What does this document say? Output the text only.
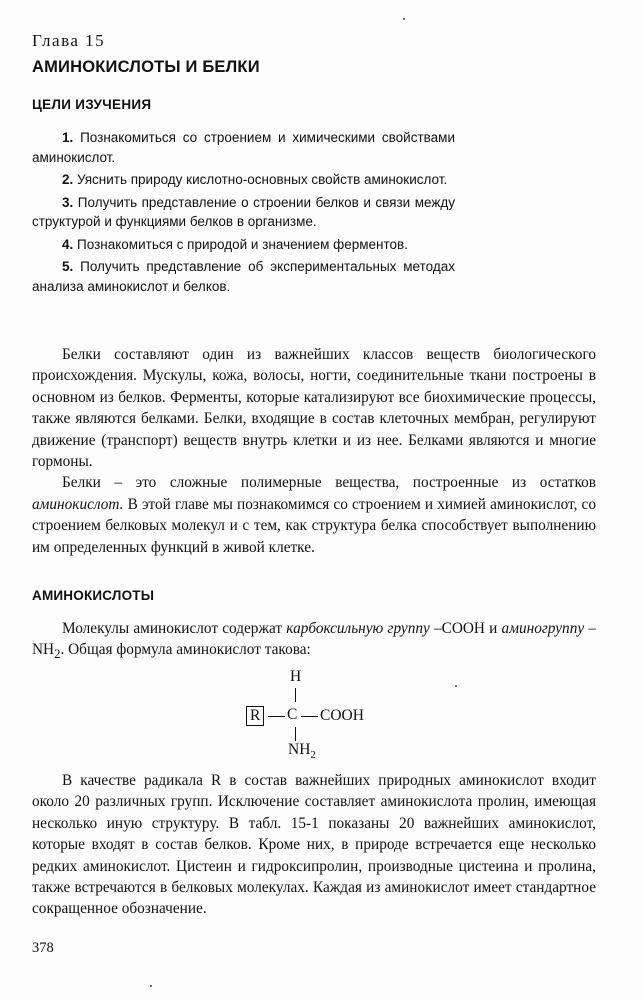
Глава 15
АМИНОКИСЛОТЫ И БЕЛКИ
ЦЕЛИ ИЗУЧЕНИЯ

1. Познакомиться со строением и химическими свойствами аминокислот.

2. Уяснить природу кислотно-основных свойств аминокислот.

3. Получить представление о строении белков и связи между структурой и функциями белков в организме.

4. Познакомиться с природой и значением ферментов.

5. Получить представление об экспериментальных методах анализа аминокислот и белков.

Белки составляют один из важнейших классов веществ биологического происхождения. Мускулы, кожа, волосы, ногти, соединительные ткани построены в основном из белков. Ферменты, которые катализируют все биохимические процессы, также являются белками. Белки, входящие в состав клеточных мембран, регулируют движение (транспорт) веществ внутрь клетки и из нее. Белками являются и многие гормоны.

Белки – это сложные полимерные вещества, построенные из остатков аминокислот. В этой главе мы познакомимся со строением и химией аминокислот, со строением белковых молекул и с тем, как структура белка способствует выполнению им определенных функций в живой клетке.

АМИНОКИСЛОТЫ

Молекулы аминокислот содержат карбоксильную группу –COOH и аминогруппу $-NH_2$. Общая формула аминокислот такова:

H
R C COOH
$NH_2$

В качестве радикала R в состав важнейших природных аминокислот входит около 20 различных групп. Исключение составляет аминокислота пролин, имеющая несколько иную структуру. В табл. 15-1 показаны 20 важнейших аминокислот, которые входят в состав белков. Кроме них, в природе встречается еще несколько редких аминокислот. Цистеин и гидроксипролин, производные цистеина и пролина, также встречаются в белковых молекулах. Каждая из аминокислот имеет стандартное сокращенное обозначение.

378
